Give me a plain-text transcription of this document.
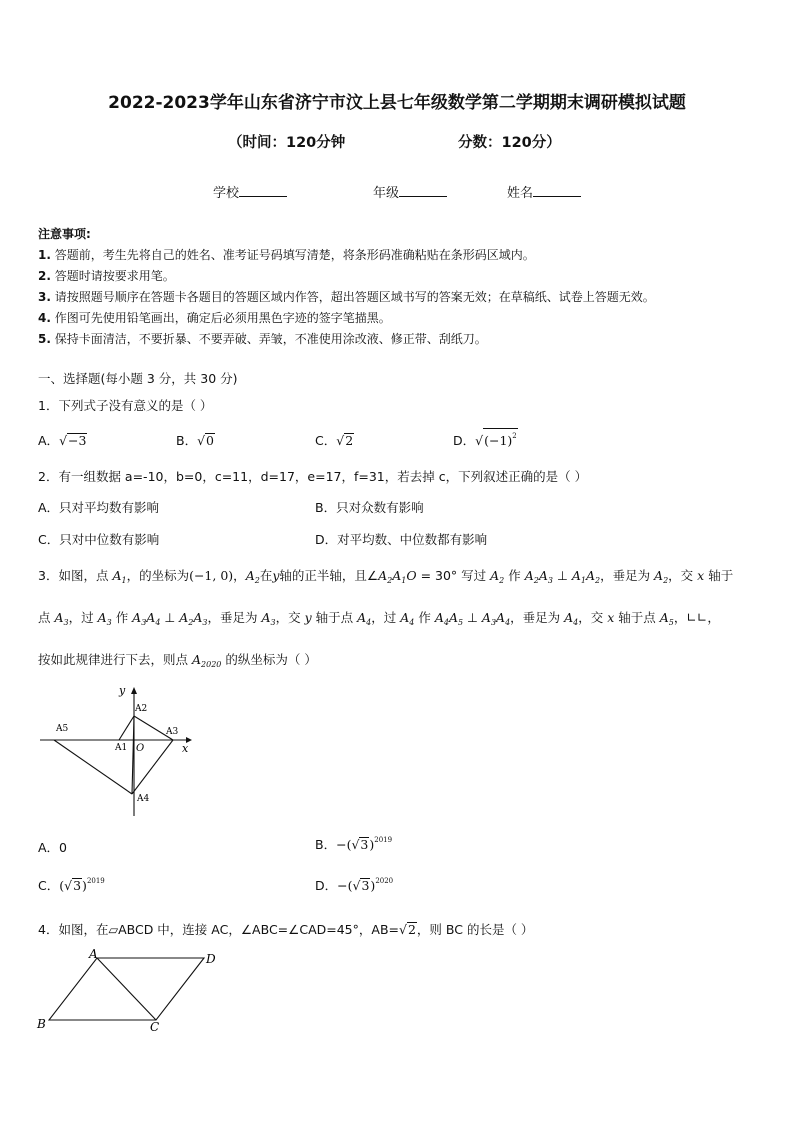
2022-2023学年山东省济宁市汶上县七年级数学第二学期期末调研模拟试题
（时间：120分钟	分数：120分）
学校	年级	姓名
注意事项:
1. 答题前，考生先将自己的姓名、准考证号码填写清楚，将条形码准确粘贴在条形码区域内。
2. 答题时请按要求用笔。
3. 请按照题号顺序在答题卡各题目的答题区域内作答，超出答题区域书写的答案无效；在草稿纸、试卷上答题无效。
4. 作图可先使用铅笔画出，确定后必须用黑色字迹的签字笔描黑。
5. 保持卡面清洁，不要折暴、不要弄破、弄皱，不准使用涂改液、修正带、刮纸刀。
一、选择题(每小题 3 分，共 30 分)
1．下列式子没有意义的是（ ）
A．√−3	B．√0	C．√2	D．$√(-1)^2$
2．有一组数据 a=-10，b=0，c=11，d=17，e=17，f=31，若去掉 c，下列叙述正确的是（ ）
A．只对平均数有影响	B．只对众数有影响
C．只对中位数有影响	D．对平均数、中位数都有影响
3．如图，点 $A_1$，的坐标为(−1, 0)，$A_2$在y轴的正半轴，且$\angle A_2A_1O = 30^\circ$ 写过 $A_2$ 作 $A_2A_3$ ⊥ $A_1A_2$，垂足为 $A_2$，交 x 轴于
点 $A_3$，过 $A_3$ 作 $A_3A_4$ ⊥ $A_2A_3$，垂足为 $A_3$，交 y 轴于点 $A_4$，过 $A_4$ 作 $A_4A_5$ ⊥ $A_3A_4$，垂足为 $A_4$，交 x 轴于点 $A_5$，∟∟，
按如此规律进行下去，则点 $A_{2020}$ 的纵坐标为（ ）
y
x
O
A1
A2
A3
A4
A5
A．0	B．$-(√3)^{2019}$
C．$(√3)^{2019}$	D．$-(√3)^{2020}$
4．如图，在▱ABCD 中，连接 AC，∠ABC=∠CAD=45°，AB=√2，则 BC 的长是（ ）
A
B	C
D
